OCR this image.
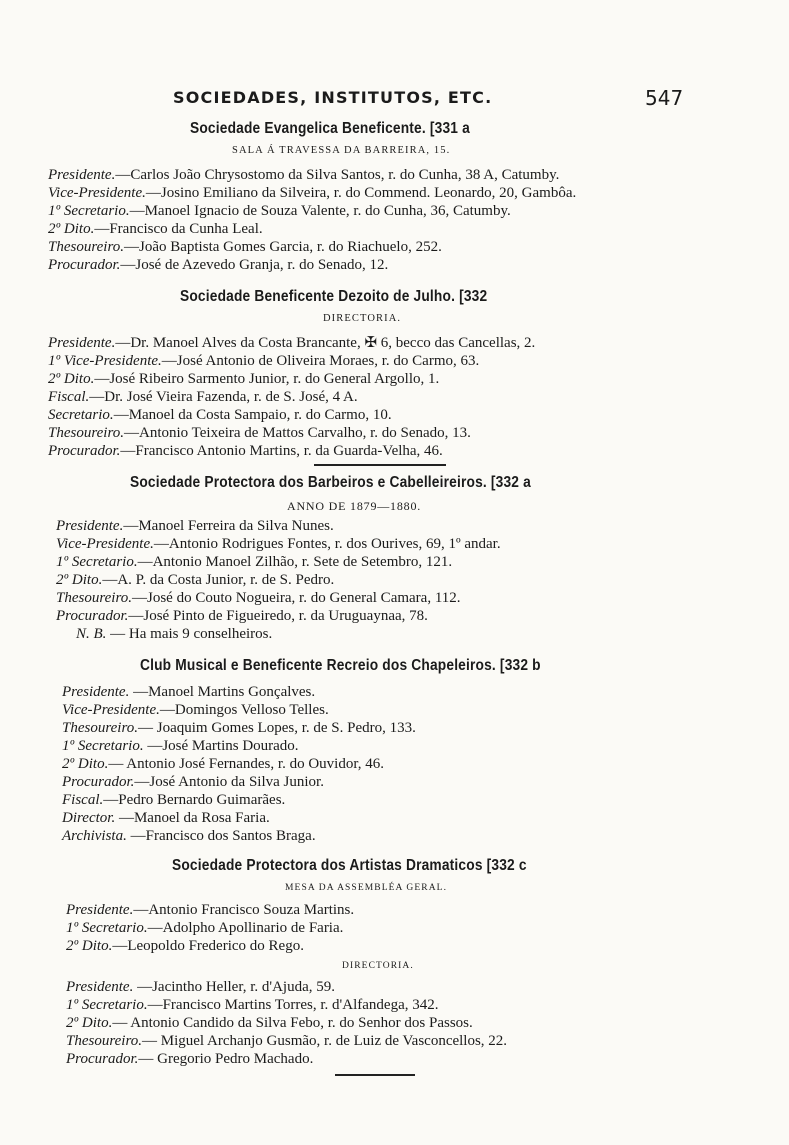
SOCIEDADES, INSTITUTOS, ETC.	547
Sociedade Evangelica Beneficente. [331 a
SALA Á TRAVESSA DA BARREIRA, 15.
Presidente.—Carlos João Chrysostomo da Silva Santos, r. do Cunha, 38 A, Catumby.
Vice-Presidente.—Josino Emiliano da Silveira, r. do Commend. Leonardo, 20, Gambôa.
1º Secretario.—Manoel Ignacio de Souza Valente, r. do Cunha, 36, Catumby.
2º Dito.—Francisco da Cunha Leal.
Thesoureiro.—João Baptista Gomes Garcia, r. do Riachuelo, 252.
Procurador.—José de Azevedo Granja, r. do Senado, 12.
Sociedade Beneficente Dezoito de Julho. [332
DIRECTORIA.
Presidente.—Dr. Manoel Alves da Costa Brancante, ✠ 6, becco das Cancellas, 2.
1º Vice-Presidente.—José Antonio de Oliveira Moraes, r. do Carmo, 63.
2º Dito.—José Ribeiro Sarmento Junior, r. do General Argollo, 1.
Fiscal.—Dr. José Vieira Fazenda, r. de S. José, 4 A.
Secretario.—Manoel da Costa Sampaio, r. do Carmo, 10.
Thesoureiro.—Antonio Teixeira de Mattos Carvalho, r. do Senado, 13.
Procurador.—Francisco Antonio Martins, r. da Guarda-Velha, 46.
Sociedade Protectora dos Barbeiros e Cabelleireiros. [332 a
ANNO DE 1879—1880.
Presidente.—Manoel Ferreira da Silva Nunes.
Vice-Presidente.—Antonio Rodrigues Fontes, r. dos Ourives, 69, 1º andar.
1º Secretario.—Antonio Manoel Zilhão, r. Sete de Setembro, 121.
2º Dito.—A. P. da Costa Junior, r. de S. Pedro.
Thesoureiro.—José do Couto Nogueira, r. do General Camara, 112.
Procurador.—José Pinto de Figueiredo, r. da Uruguaynaa, 78.
N. B. — Ha mais 9 conselheiros.
Club Musical e Beneficente Recreio dos Chapeleiros. [332 b
Presidente. —Manoel Martins Gonçalves.
Vice-Presidente.—Domingos Velloso Telles.
Thesoureiro.— Joaquim Gomes Lopes, r. de S. Pedro, 133.
1º Secretario. —José Martins Dourado.
2º Dito.— Antonio José Fernandes, r. do Ouvidor, 46.
Procurador.—José Antonio da Silva Junior.
Fiscal.—Pedro Bernardo Guimarães.
Director. —Manoel da Rosa Faria.
Archivista. —Francisco dos Santos Braga.
Sociedade Protectora dos Artistas Dramaticos [332 c
MESA DA ASSEMBLÉA GERAL.
Presidente.—Antonio Francisco Souza Martins.
1º Secretario.—Adolpho Apollinario de Faria.
2º Dito.—Leopoldo Frederico do Rego.
DIRECTORIA.
Presidente. —Jacintho Heller, r. d'Ajuda, 59.
1º Secretario.—Francisco Martins Torres, r. d'Alfandega, 342.
2º Dito.— Antonio Candido da Silva Febo, r. do Senhor dos Passos.
Thesoureiro.— Miguel Archanjo Gusmão, r. de Luiz de Vasconcellos, 22.
Procurador.— Gregorio Pedro Machado.
